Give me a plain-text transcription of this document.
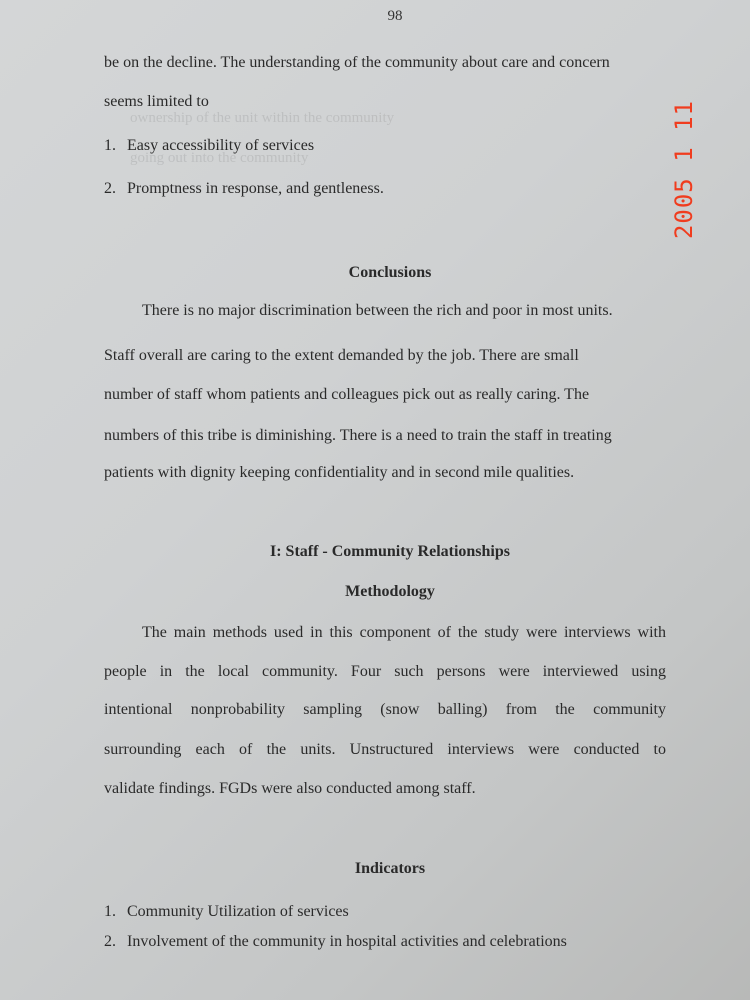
98
ownership of the unit within the community
going out into the community
be on the decline. The understanding of the community about care and concern
seems limited to
1. Easy accessibility of services
2. Promptness in response, and gentleness.
Conclusions
There is no major discrimination between the rich and poor in most units.
Staff overall are caring to the extent demanded by the job. There are small
number of staff whom patients and colleagues pick out as really caring. The
numbers of this tribe is diminishing. There is a need to train the staff in treating
patients with dignity keeping confidentiality and in second mile qualities.
I: Staff - Community Relationships
Methodology
The main methods used in this component of the study were interviews with
people in the local community. Four such persons were interviewed using
intentional nonprobability sampling (snow balling) from the community
surrounding each of the units. Unstructured interviews were conducted to
validate findings. FGDs were also conducted among staff.
Indicators
1. Community Utilization of services
2. Involvement of the community in hospital activities and celebrations
2005 1 11
